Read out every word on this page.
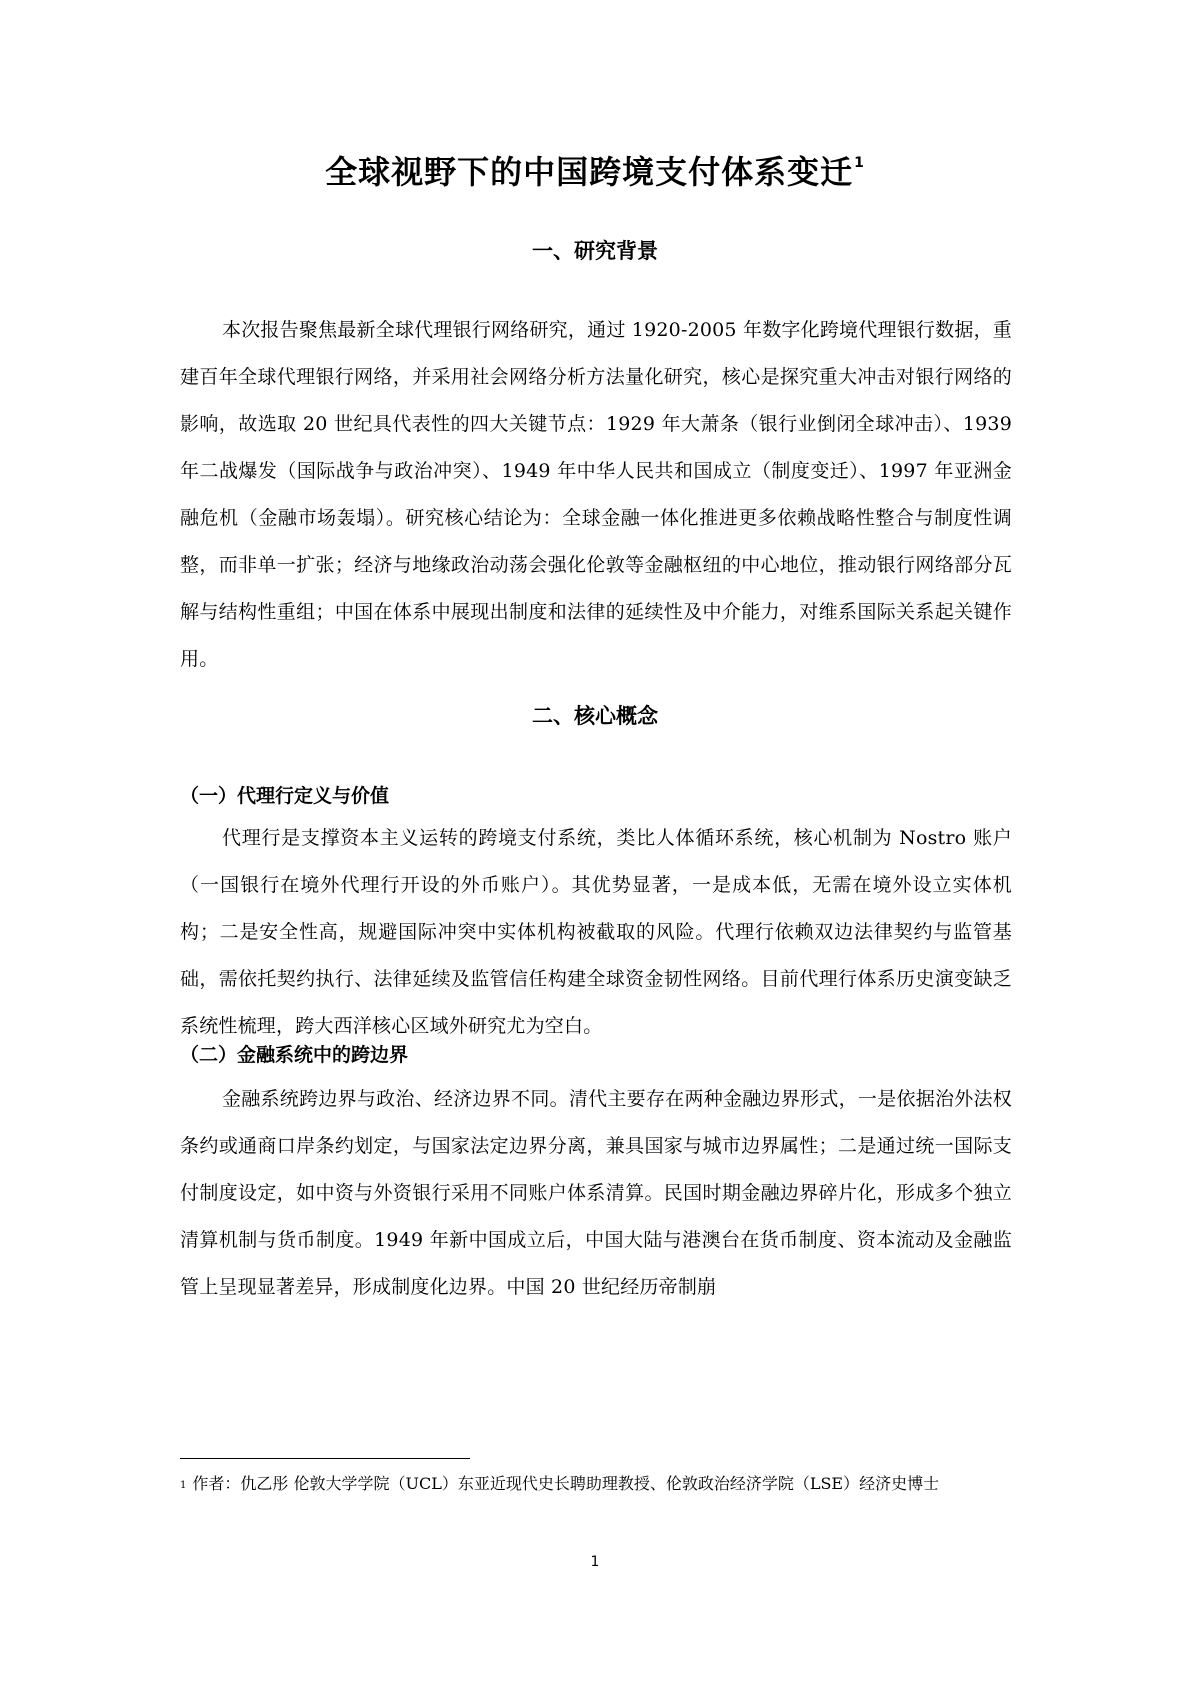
全球视野下的中国跨境支付体系变迁$^1$
一、研究背景

本次报告聚焦最新全球代理银行网络研究，通过 1920-2005 年数字化跨境代理银行数据，重建百年全球代理银行网络，并采用社会网络分析方法量化研究，核心是探究重大冲击对银行网络的影响，故选取 20 世纪具代表性的四大关键节点：1929 年大萧条（银行业倒闭全球冲击）、1939 年二战爆发（国际战争与政治冲突）、1949 年中华人民共和国成立（制度变迁）、1997 年亚洲金融危机（金融市场轰塌）。研究核心结论为：全球金融一体化推进更多依赖战略性整合与制度性调整，而非单一扩张；经济与地缘政治动荡会强化伦敦等金融枢纽的中心地位，推动银行网络部分瓦解与结构性重组；中国在体系中展现出制度和法律的延续性及中介能力，对维系国际关系起关键作用。

二、核心概念
（一）代理行定义与价值

代理行是支撑资本主义运转的跨境支付系统，类比人体循环系统，核心机制为 Nostro 账户（一国银行在境外代理行开设的外币账户）。其优势显著，一是成本低，无需在境外设立实体机构；二是安全性高，规避国际冲突中实体机构被截取的风险。代理行依赖双边法律契约与监管基础，需依托契约执行、法律延续及监管信任构建全球资金韧性网络。目前代理行体系历史演变缺乏系统性梳理，跨大西洋核心区域外研究尤为空白。

（二）金融系统中的跨边界

金融系统跨边界与政治、经济边界不同。清代主要存在两种金融边界形式，一是依据治外法权条约或通商口岸条约划定，与国家法定边界分离，兼具国家与城市边界属性；二是通过统一国际支付制度设定，如中资与外资银行采用不同账户体系清算。民国时期金融边界碎片化，形成多个独立清算机制与货币制度。1949 年新中国成立后，中国大陆与港澳台在货币制度、资本流动及金融监管上呈现显著差异，形成制度化边界。中国 20 世纪经历帝制崩

$^1$ 作者：仇乙彤 伦敦大学学院（UCL）东亚近现代史长聘助理教授、伦敦政治经济学院（LSE）经济史博士
1
